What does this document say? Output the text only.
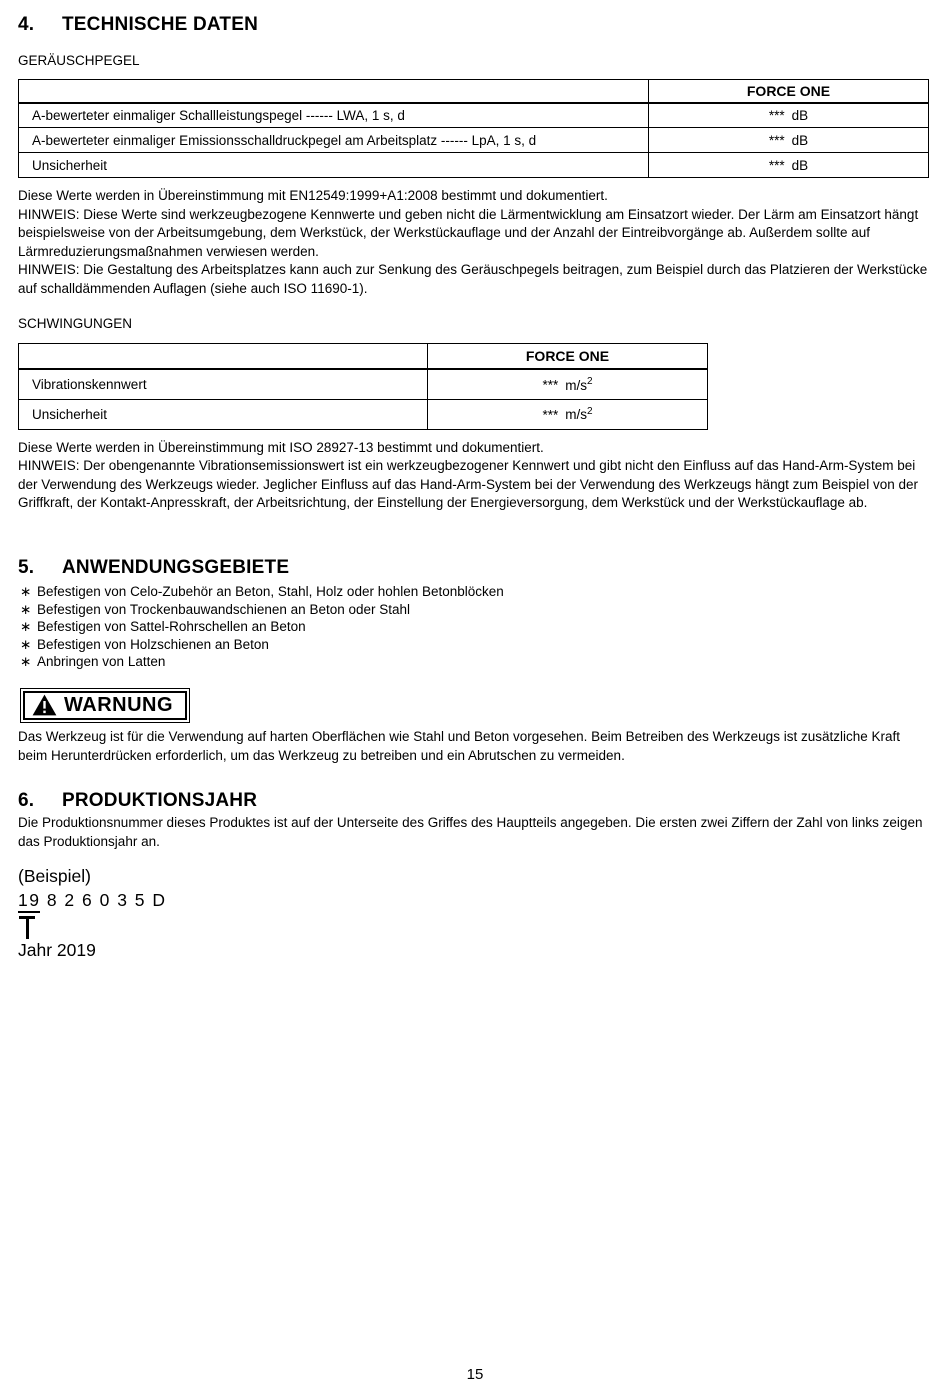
4.	TECHNISCHE DATEN
GERÄUSCHPEGEL
	FORCE ONE
A-bewerteter einmaliger Schallleistungspegel ------ LWA, 1 s, d	*** dB
A-bewerteter einmaliger Emissionsschalldruckpegel am Arbeitsplatz ------ LpA, 1 s, d	*** dB
Unsicherheit	*** dB
Diese Werte werden in Übereinstimmung mit EN12549:1999+A1:2008 bestimmt und dokumentiert.
HINWEIS: Diese Werte sind werkzeugbezogene Kennwerte und geben nicht die Lärmentwicklung am Einsatzort wieder. Der Lärm am Einsatzort hängt beispielsweise von der Arbeitsumgebung, dem Werkstück, der Werkstückauflage und der Anzahl der Eintreibvorgänge ab. Außerdem sollte auf Lärmreduzierungsmaßnahmen verwiesen werden.
HINWEIS: Die Gestaltung des Arbeitsplatzes kann auch zur Senkung des Geräuschpegels beitragen, zum Beispiel durch das Platzieren der Werkstücke auf schalldämmenden Auflagen (siehe auch ISO 11690-1).
SCHWINGUNGEN
	FORCE ONE
Vibrationskennwert	*** $m/s^2$
Unsicherheit	*** $m/s^2$
Diese Werte werden in Übereinstimmung mit ISO 28927-13 bestimmt und dokumentiert.
HINWEIS: Der obengenannte Vibrationsemissionswert ist ein werkzeugbezogener Kennwert und gibt nicht den Einfluss auf das Hand-Arm-System bei der Verwendung des Werkzeugs wieder. Jeglicher Einfluss auf das Hand-Arm-System bei der Verwendung des Werkzeugs hängt zum Beispiel von der Griffkraft, der Kontakt-Anpresskraft, der Arbeitsrichtung, der Einstellung der Energieversorgung, dem Werkstück und der Werkstückauflage ab.
5.	ANWENDUNGSGEBIETE
∗ Befestigen von Celo-Zubehör an Beton, Stahl, Holz oder hohlen Betonblöcken
∗ Befestigen von Trockenbauwandschienen an Beton oder Stahl
∗ Befestigen von Sattel-Rohrschellen an Beton
∗ Befestigen von Holzschienen an Beton
∗ Anbringen von Latten
WARNUNG
Das Werkzeug ist für die Verwendung auf harten Oberflächen wie Stahl und Beton vorgesehen. Beim Betreiben des Werkzeugs ist zusätzliche Kraft beim Herunterdrücken erforderlich, um das Werkzeug zu betreiben und ein Abrutschen zu vermeiden.
6.	PRODUKTIONSJAHR
Die Produktionsnummer dieses Produktes ist auf der Unterseite des Griffes des Hauptteils angegeben. Die ersten zwei Ziffern der Zahl von links zeigen das Produktionsjahr an.
(Beispiel)
19 8 2 6 0 3 5 D
Jahr 2019
15
